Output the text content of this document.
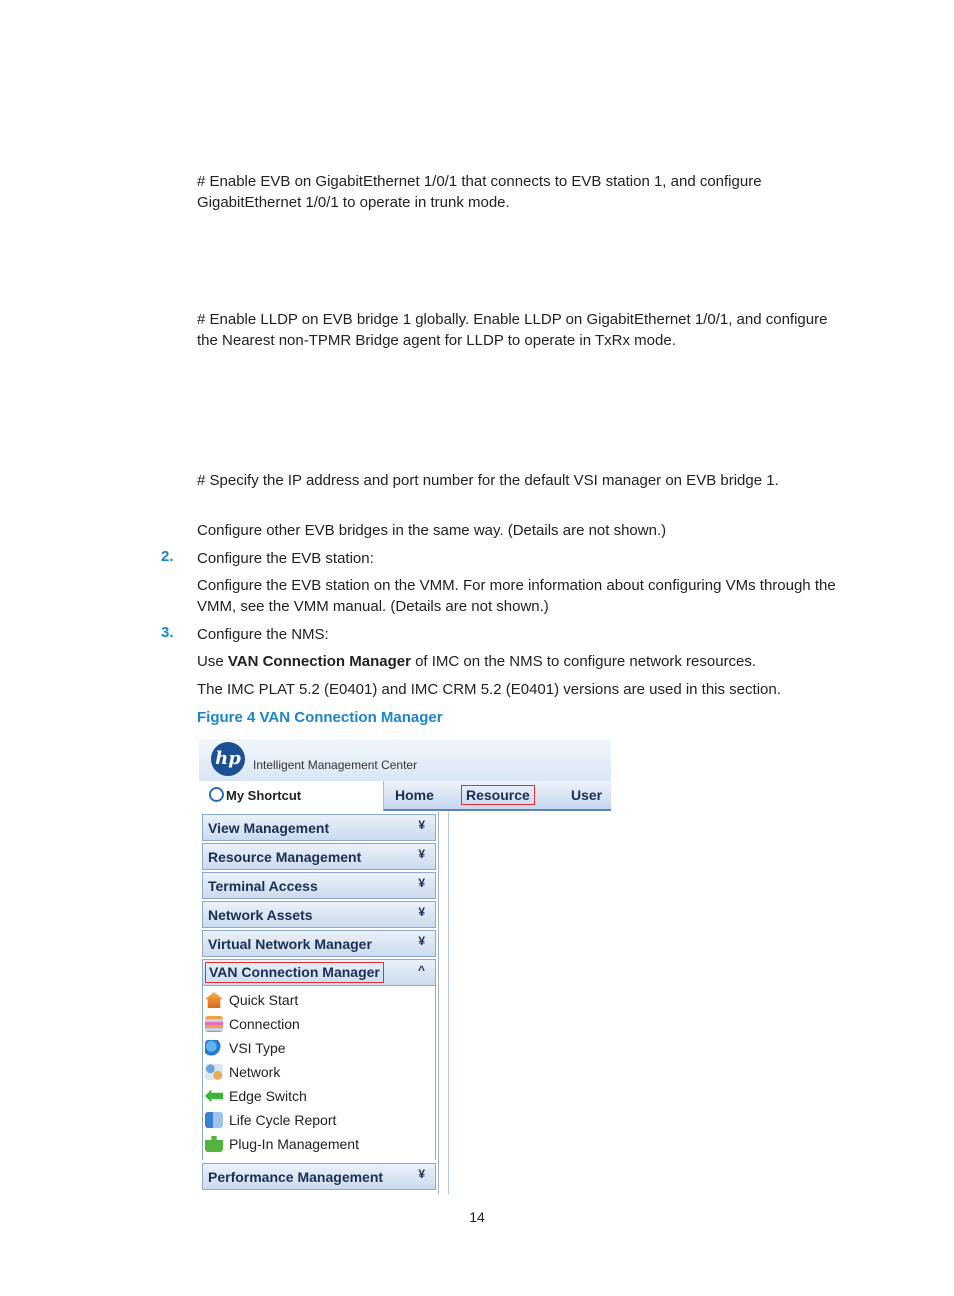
# Enable EVB on GigabitEthernet 1/0/1 that connects to EVB station 1, and configure
GigabitEthernet 1/0/1 to operate in trunk mode.

# Enable LLDP on EVB bridge 1 globally. Enable LLDP on GigabitEthernet 1/0/1, and configure
the Nearest non-TPMR Bridge agent for LLDP to operate in TxRx mode.

# Specify the IP address and port number for the default VSI manager on EVB bridge 1.

Configure other EVB bridges in the same way. (Details are not shown.)

2. Configure the EVB station:

Configure the EVB station on the VMM. For more information about configuring VMs through the
VMM, see the VMM manual. (Details are not shown.)

3. Configure the NMS:

Use VAN Connection Manager of IMC on the NMS to configure network resources.

The IMC PLAT 5.2 (E0401) and IMC CRM 5.2 (E0401) versions are used in this section.

Figure 4 VAN Connection Manager
hp	Intelligent Management Center
My Shortcut	Home	Resource	User
View Management	¥
Resource Management	¥
Terminal Access	¥
Network Assets	¥
Virtual Network Manager	¥
VAN Connection Manager	^
Quick Start
Connection
VSI Type
Network
Edge Switch
Life Cycle Report
Plug-In Management
Performance Management	¥
14
